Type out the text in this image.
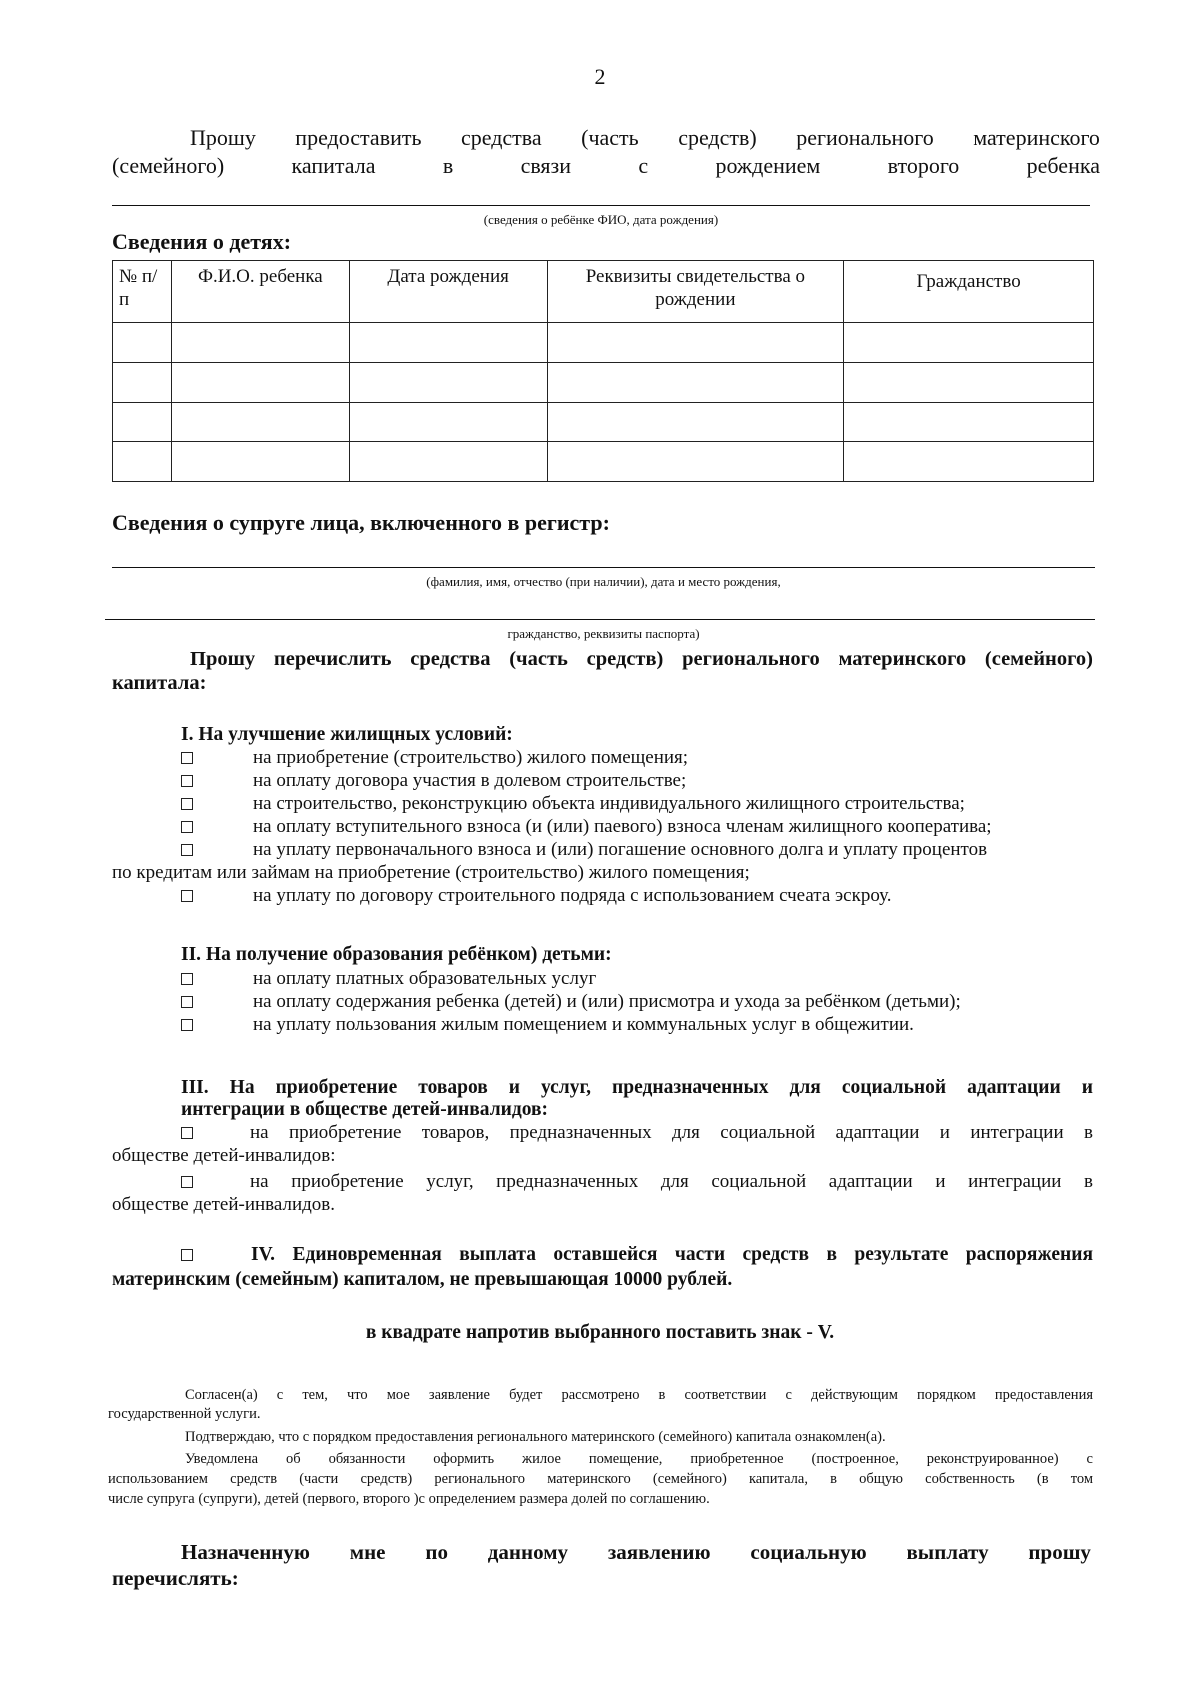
2
Прошу предоставить средства (часть средств) регионального материнского
(семейного)	капитала	в	связи	с	рождением	второго	ребенка
(сведения о ребёнке ФИО, дата рождения)
Сведения о детях:
№ п/п	Ф.И.О. ребенка	Дата рождения	Реквизиты свидетельства о рождении	Гражданство

Сведения о супруге лица, включенного в регистр:
(фамилия, имя, отчество (при наличии), дата и место рождения,
гражданство, реквизиты паспорта)
Прошу перечислить средства (часть средств) регионального материнского (семейного)
капитала:
I. На улучшение жилищных условий:
на приобретение (строительство) жилого помещения;
на оплату договора участия в долевом строительстве;
на строительство, реконструкцию объекта индивидуального жилищного строительства;
на оплату вступительного взноса (и (или) паевого) взноса членам жилищного кооператива;
на уплату первоначального взноса и (или) погашение основного долга и уплату процентов
по кредитам или займам на приобретение (строительство) жилого помещения;
на уплату по договору строительного подряда с использованием счеата эскроу.
II. На получение образования ребёнком) детьми:
на оплату платных образовательных услуг
на оплату содержания ребенка (детей) и (или) присмотра и ухода за ребёнком (детьми);
на уплату пользования жилым помещением и коммунальных услуг в общежитии.
III. На приобретение товаров и услуг, предназначенных для социальной адаптации и
интеграции в обществе детей-инвалидов:
на приобретение товаров, предназначенных для социальной адаптации и интеграции в
обществе детей-инвалидов:
на приобретение услуг, предназначенных для социальной адаптации и интеграции в
обществе детей-инвалидов.
IV. Единовременная выплата оставшейся части средств в результате распоряжения
материнским (семейным) капиталом, не превышающая 10000 рублей.
в квадрате напротив выбранного поставить знак - V.
Согласен(а) с тем, что мое заявление будет рассмотрено в соответствии с действующим порядком предоставления
государственной услуги.
Подтверждаю, что с порядком предоставления регионального материнского (семейного) капитала ознакомлен(а).
Уведомлена об обязанности оформить жилое помещение, приобретенное (построенное, реконструированное) с
использованием средств (части средств) регионального материнского (семейного) капитала, в общую собственность (в том
числе супруга (супруги), детей (первого, второго )с определением размера долей по соглашению.
Назначенную мне по данному заявлению социальную выплату прошу
перечислять:
